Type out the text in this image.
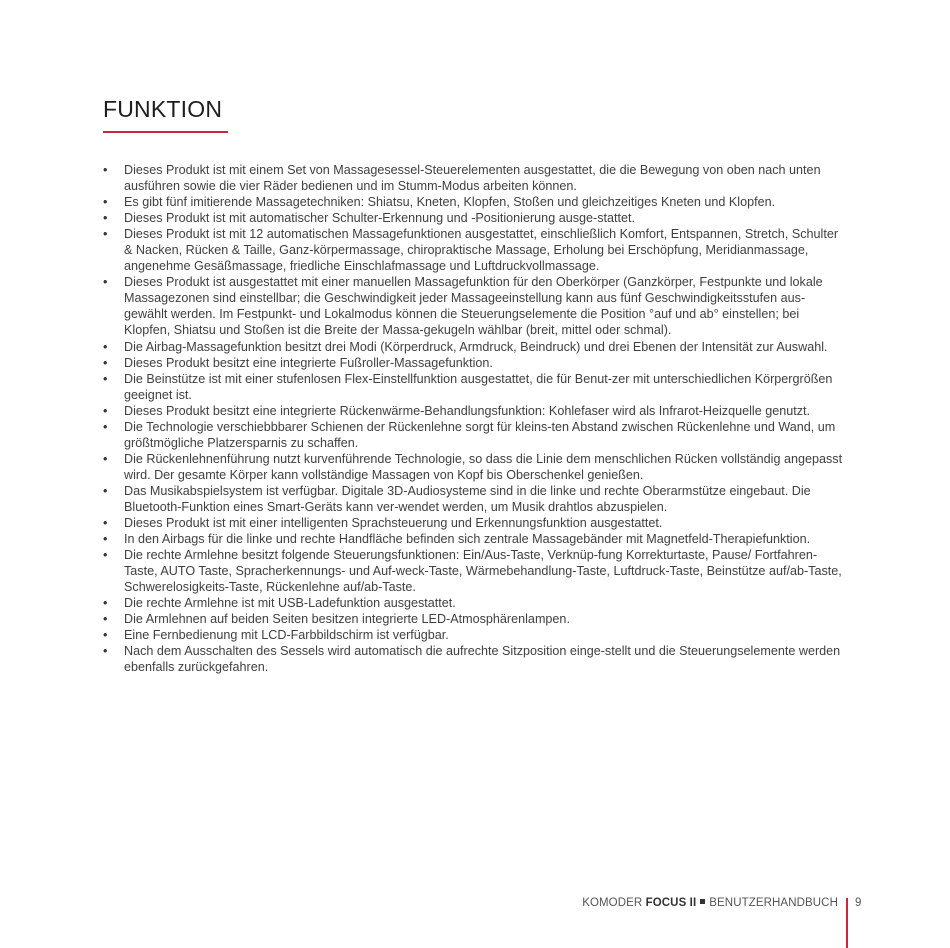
FUNKTION
• Dieses Produkt ist mit einem Set von Massagesessel-Steuerelementen ausgestattet, die die Bewegung von oben nach unten ausführen sowie die vier Räder bedienen und im Stumm-Modus arbeiten können.
• Es gibt fünf imitierende Massagetechniken: Shiatsu, Kneten, Klopfen, Stoßen und gleichzeitiges Kneten und Klopfen.
• Dieses Produkt ist mit automatischer Schulter-Erkennung und -Positionierung ausge-stattet.
• Dieses Produkt ist mit 12 automatischen Massagefunktionen ausgestattet, einschließlich Komfort, Entspannen, Stretch, Schulter & Nacken, Rücken & Taille, Ganz-körpermassage, chiropraktische Massage, Erholung bei Erschöpfung, Meridianmassage, angenehme Gesäßmassage, friedliche Einschlafmassage und Luftdruckvollmassage.
• Dieses Produkt ist ausgestattet mit einer manuellen Massagefunktion für den Oberkörper (Ganzkörper, Festpunkte und lokale Massagezonen sind einstellbar; die Geschwindigkeit jeder Massageeinstellung kann aus fünf Geschwindigkeitsstufen aus-gewählt werden. Im Festpunkt- und Lokalmodus können die Steuerungselemente die Position °auf und ab° einstellen; bei Klopfen, Shiatsu und Stoßen ist die Breite der Massa-gekugeln wählbar (breit, mittel oder schmal).
• Die Airbag-Massagefunktion besitzt drei Modi (Körperdruck, Armdruck, Beindruck) und drei Ebenen der Intensität zur Auswahl.
• Dieses Produkt besitzt eine integrierte Fußroller-Massagefunktion.
• Die Beinstütze ist mit einer stufenlosen Flex-Einstellfunktion ausgestattet, die für Benut-zer mit unterschiedlichen Körpergrößen geeignet ist.
• Dieses Produkt besitzt eine integrierte Rückenwärme-Behandlungsfunktion: Kohlefaser wird als Infrarot-Heizquelle genutzt.
• Die Technologie verschiebbbarer Schienen der Rückenlehne sorgt für kleins-ten Abstand zwischen Rückenlehne und Wand, um größtmögliche Platzersparnis zu schaffen.
• Die Rückenlehnenführung nutzt kurvenführende Technologie, so dass die Linie dem menschlichen Rücken vollständig angepasst wird. Der gesamte Körper kann vollständige Massagen von Kopf bis Oberschenkel genießen.
• Das Musikabspielsystem ist verfügbar. Digitale 3D-Audiosysteme sind in die linke und rechte Oberarmstütze eingebaut. Die Bluetooth-Funktion eines Smart-Geräts kann ver-wendet werden, um Musik drahtlos abzuspielen.
• Dieses Produkt ist mit einer intelligenten Sprachsteuerung und Erkennungsfunktion ausgestattet.
• In den Airbags für die linke und rechte Handfläche befinden sich zentrale Massagebänder mit Magnetfeld-Therapiefunktion.
• Die rechte Armlehne besitzt folgende Steuerungsfunktionen: Ein/Aus-Taste, Verknüp-fung Korrekturtaste, Pause/ Fortfahren-Taste, AUTO Taste, Spracherkennungs- und Auf-weck-Taste, Wärmebehandlung-Taste, Luftdruck-Taste, Beinstütze auf/ab-Taste, Schwerelosigkeits-Taste, Rückenlehne auf/ab-Taste.
• Die rechte Armlehne ist mit USB-Ladefunktion ausgestattet.
• Die Armlehnen auf beiden Seiten besitzen integrierte LED-Atmosphärenlampen.
• Eine Fernbedienung mit LCD-Farbbildschirm ist verfügbar.
• Nach dem Ausschalten des Sessels wird automatisch die aufrechte Sitzposition einge-stellt und die Steuerungselemente werden ebenfalls zurückgefahren.
KOMODER FOCUS II BENUTZERHANDBUCH 9
